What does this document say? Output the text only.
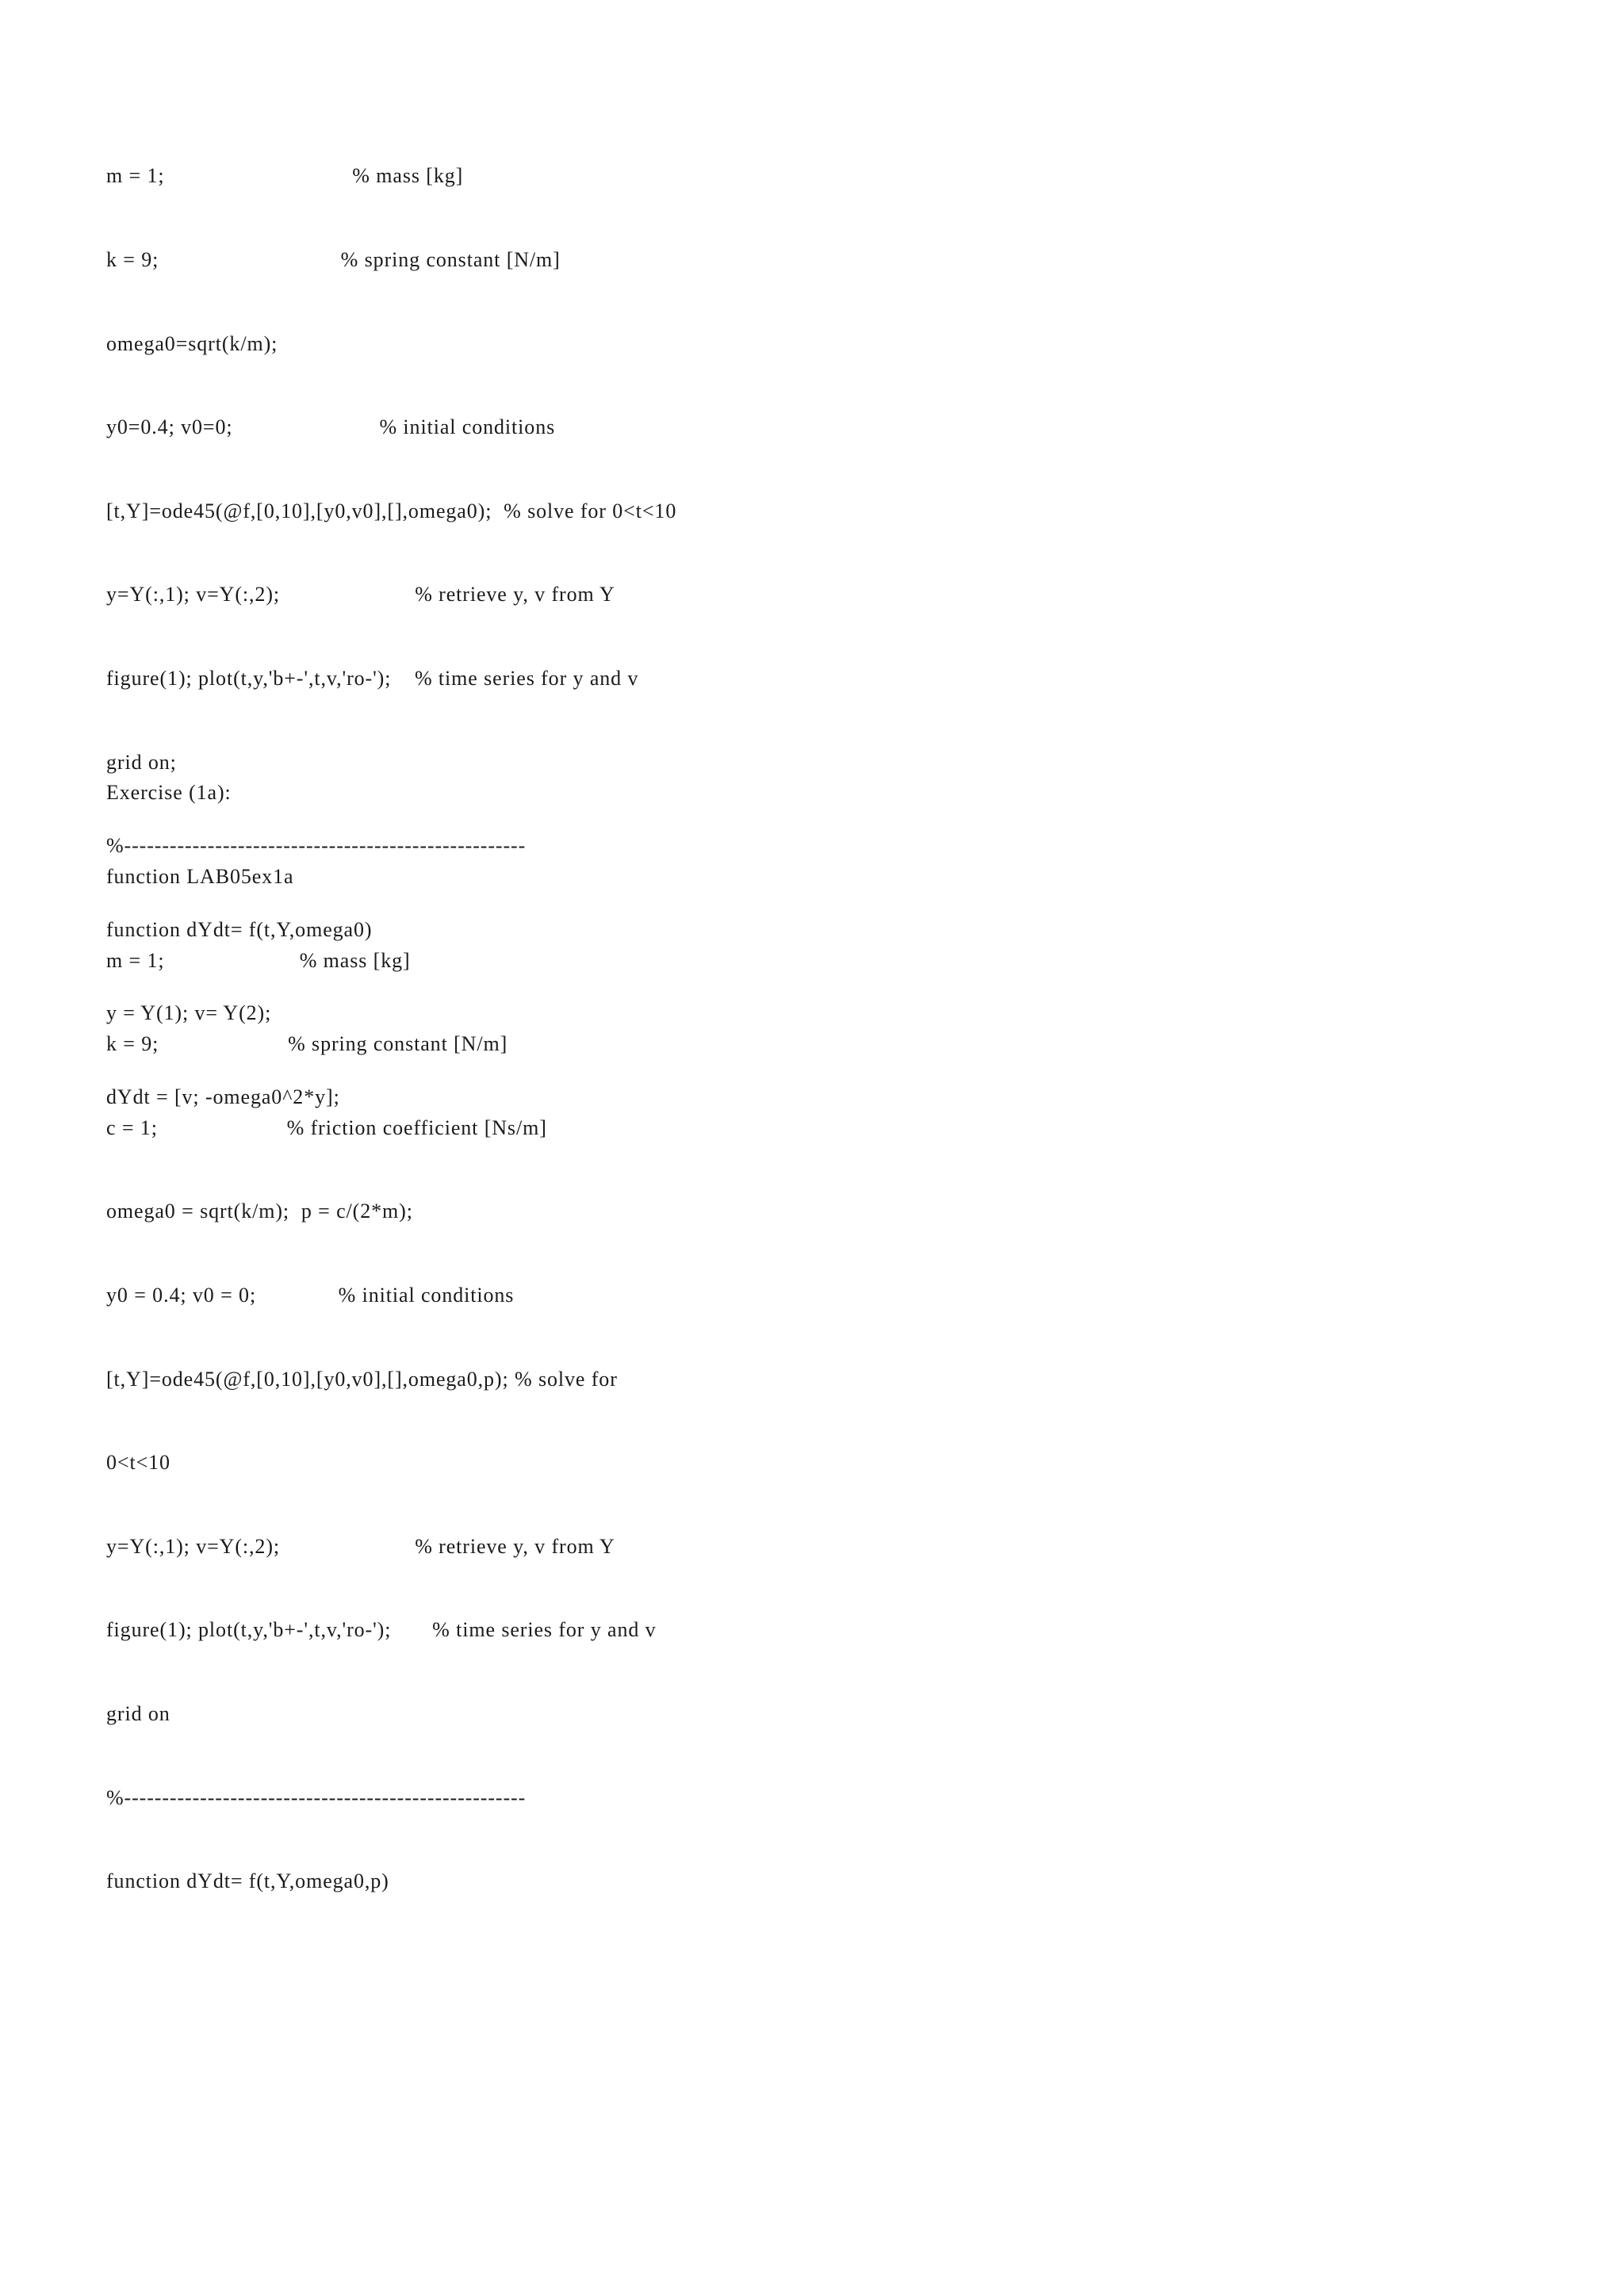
m = 1;                                % mass [kg]

k = 9;                               % spring constant [N/m]

omega0=sqrt(k/m);

y0=0.4; v0=0;                         % initial conditions

[t,Y]=ode45(@f,[0,10],[y0,v0],[],omega0);  % solve for 0<t<10

y=Y(:,1); v=Y(:,2);                       % retrieve y, v from Y

figure(1); plot(t,y,'b+-',t,v,'ro-');    % time series for y and v

grid on;

%-----------------------------------------------------

function dYdt= f(t,Y,omega0)

y = Y(1); v= Y(2);

dYdt = [v; -omega0^2*y];

Exercise (1a):

function LAB05ex1a

m = 1;                       % mass [kg]

k = 9;                      % spring constant [N/m]

c = 1;                      % friction coefficient [Ns/m]

omega0 = sqrt(k/m);  p = c/(2*m);

y0 = 0.4; v0 = 0;              % initial conditions

[t,Y]=ode45(@f,[0,10],[y0,v0],[],omega0,p); % solve for

0<t<10

y=Y(:,1); v=Y(:,2);                       % retrieve y, v from Y

figure(1); plot(t,y,'b+-',t,v,'ro-');       % time series for y and v

grid on

%-----------------------------------------------------

function dYdt= f(t,Y,omega0,p)
